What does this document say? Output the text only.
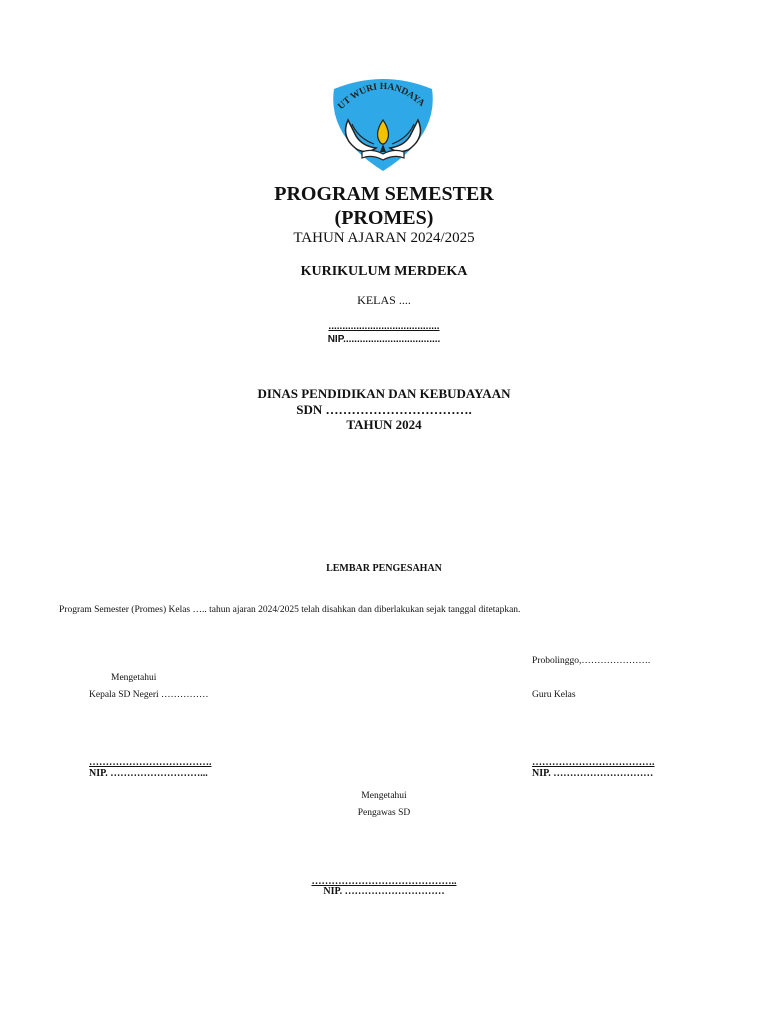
UT WURI HANDAYA
PROGRAM SEMESTER
(PROMES)
TAHUN AJARAN 2024/2025
KURIKULUM MERDEKA
KELAS ....
........................................
NIP...................................
DINAS PENDIDIKAN DAN KEBUDAYAAN
SDN …………………………….
TAHUN 2024
LEMBAR PENGESAHAN
Program Semester (Promes) Kelas ….. tahun ajaran 2024/2025 telah disahkan dan diberlakukan sejak tanggal ditetapkan.
Probolinggo,………………….
Guru Kelas
……………………………….
NIP. …………………………
Mengetahui
Kepala SD Negeri ……………
……………………………….
NIP. ………………………...
Mengetahui
Pengawas SD
……………………………………..
NIP. …………………………
